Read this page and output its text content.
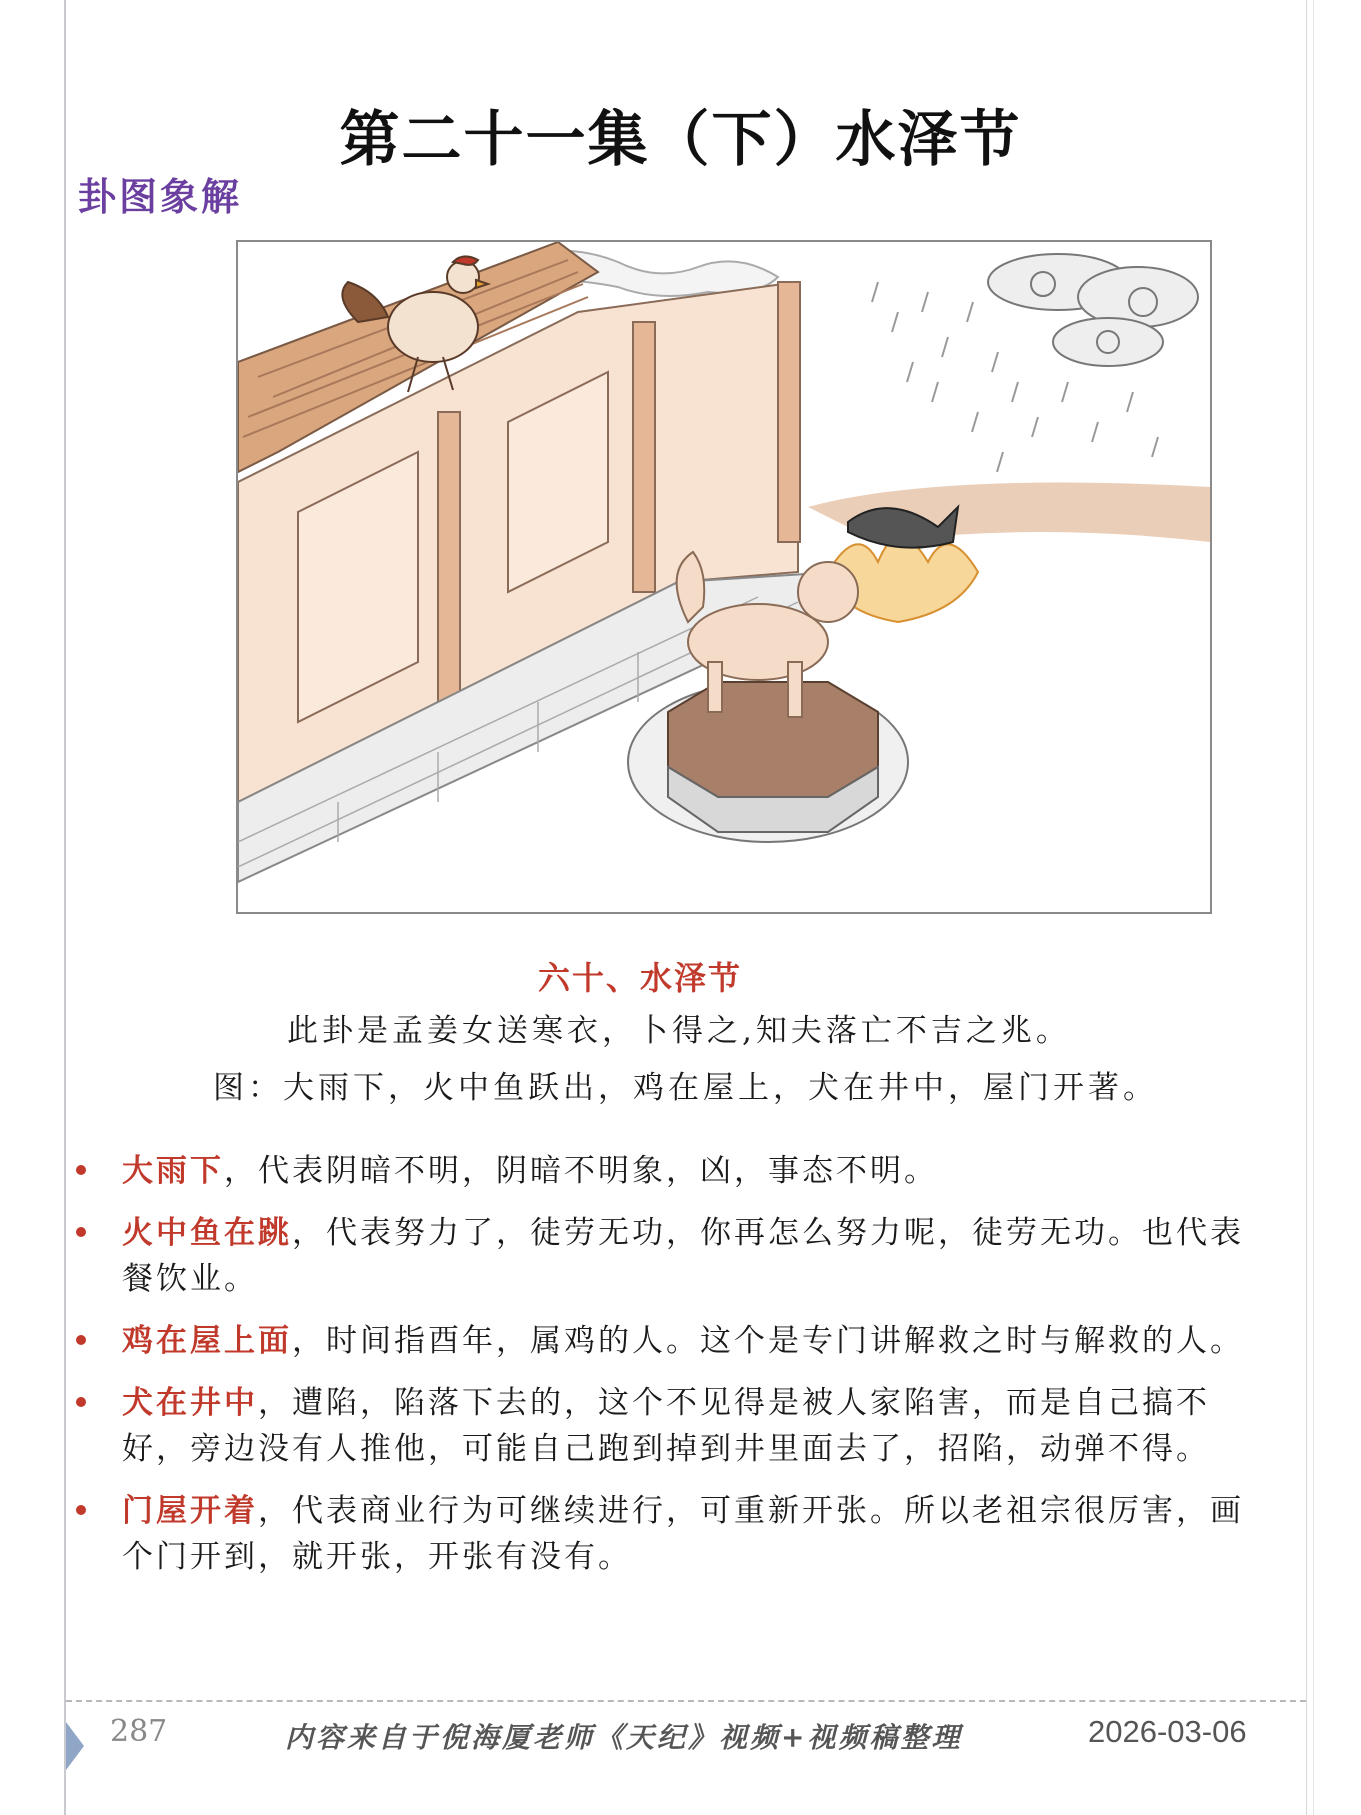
第二十一集（下）水泽节
卦图象解
六十、水泽节
此卦是孟姜女送寒衣，卜得之,知夫落亡不吉之兆。
图：大雨下，火中鱼跃出，鸡在屋上，犬在井中，屋门开著。
大雨下，代表阴暗不明，阴暗不明象，凶，事态不明。
火中鱼在跳，代表努力了，徒劳无功，你再怎么努力呢，徒劳无功。也代表餐饮业。
鸡在屋上面，时间指酉年，属鸡的人。这个是专门讲解救之时与解救的人。
犬在井中，遭陷，陷落下去的，这个不见得是被人家陷害，而是自己搞不好，旁边没有人推他，可能自己跑到掉到井里面去了，招陷，动弹不得。
门屋开着，代表商业行为可继续进行，可重新开张。所以老祖宗很厉害，画个门开到，就开张，开张有没有。
287	内容来自于倪海厦老师《天纪》视频+视频稿整理	2026-03-06
